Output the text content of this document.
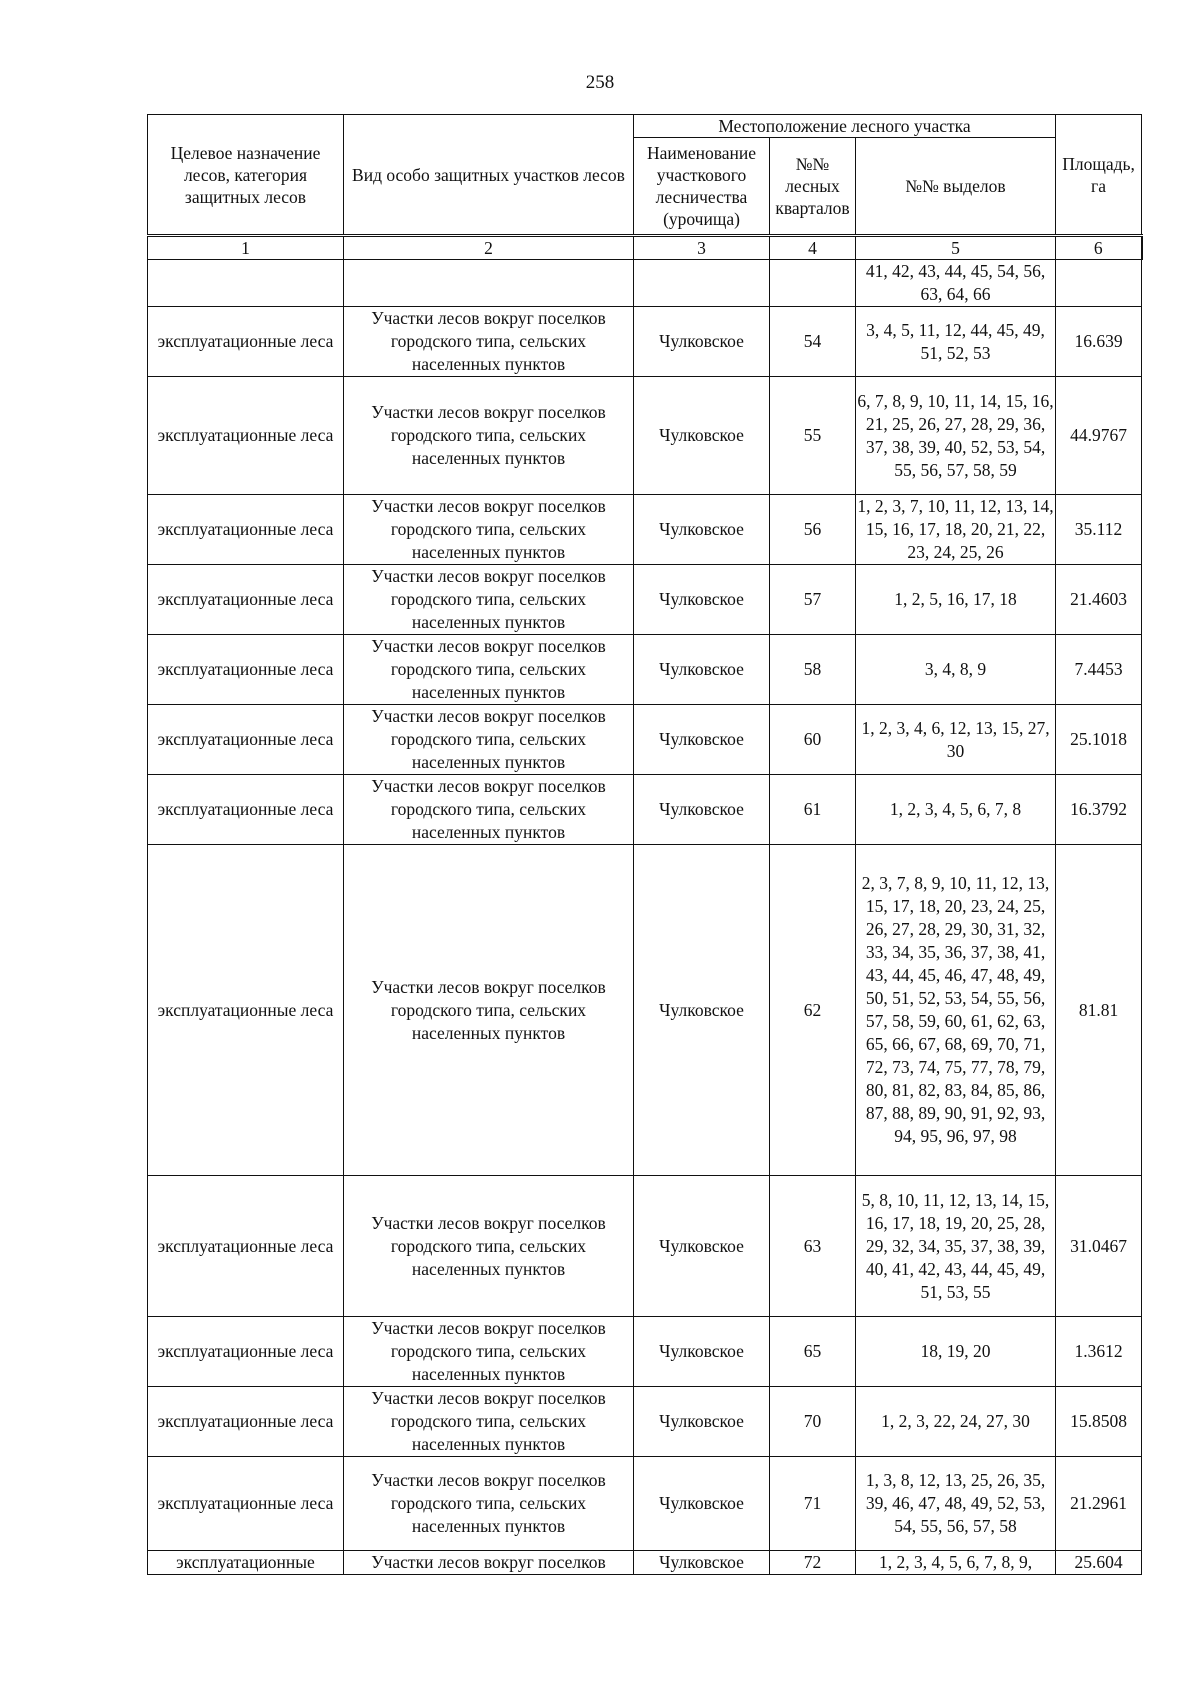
258
Целевое назначение лесов, категория защитных лесов	Вид особо защитных участков лесов	Местоположение лесного участка			Площадь, га
		Наименование участкового лесничества (урочища)	№№ лесных кварталов	№№ выделов	
1	2	3	4	5	6
				41, 42, 43, 44, 45, 54, 56, 63, 64, 66	
эксплуатационные леса	Участки лесов вокруг поселков городского типа, сельских населенных пунктов	Чулковское	54	3, 4, 5, 11, 12, 44, 45, 49, 51, 52, 53	16.639
эксплуатационные леса	Участки лесов вокруг поселков городского типа, сельских населенных пунктов	Чулковское	55	6, 7, 8, 9, 10, 11, 14, 15, 16, 21, 25, 26, 27, 28, 29, 36, 37, 38, 39, 40, 52, 53, 54, 55, 56, 57, 58, 59	44.9767
эксплуатационные леса	Участки лесов вокруг поселков городского типа, сельских населенных пунктов	Чулковское	56	1, 2, 3, 7, 10, 11, 12, 13, 14, 15, 16, 17, 18, 20, 21, 22, 23, 24, 25, 26	35.112
эксплуатационные леса	Участки лесов вокруг поселков городского типа, сельских населенных пунктов	Чулковское	57	1, 2, 5, 16, 17, 18	21.4603
эксплуатационные леса	Участки лесов вокруг поселков городского типа, сельских населенных пунктов	Чулковское	58	3, 4, 8, 9	7.4453
эксплуатационные леса	Участки лесов вокруг поселков городского типа, сельских населенных пунктов	Чулковское	60	1, 2, 3, 4, 6, 12, 13, 15, 27, 30	25.1018
эксплуатационные леса	Участки лесов вокруг поселков городского типа, сельских населенных пунктов	Чулковское	61	1, 2, 3, 4, 5, 6, 7, 8	16.3792
эксплуатационные леса	Участки лесов вокруг поселков городского типа, сельских населенных пунктов	Чулковское	62	2, 3, 7, 8, 9, 10, 11, 12, 13, 15, 17, 18, 20, 23, 24, 25, 26, 27, 28, 29, 30, 31, 32, 33, 34, 35, 36, 37, 38, 41, 43, 44, 45, 46, 47, 48, 49, 50, 51, 52, 53, 54, 55, 56, 57, 58, 59, 60, 61, 62, 63, 65, 66, 67, 68, 69, 70, 71, 72, 73, 74, 75, 77, 78, 79, 80, 81, 82, 83, 84, 85, 86, 87, 88, 89, 90, 91, 92, 93, 94, 95, 96, 97, 98	81.81
эксплуатационные леса	Участки лесов вокруг поселков городского типа, сельских населенных пунктов	Чулковское	63	5, 8, 10, 11, 12, 13, 14, 15, 16, 17, 18, 19, 20, 25, 28, 29, 32, 34, 35, 37, 38, 39, 40, 41, 42, 43, 44, 45, 49, 51, 53, 55	31.0467
эксплуатационные леса	Участки лесов вокруг поселков городского типа, сельских населенных пунктов	Чулковское	65	18, 19, 20	1.3612
эксплуатационные леса	Участки лесов вокруг поселков городского типа, сельских населенных пунктов	Чулковское	70	1, 2, 3, 22, 24, 27, 30	15.8508
эксплуатационные леса	Участки лесов вокруг поселков городского типа, сельских населенных пунктов	Чулковское	71	1, 3, 8, 12, 13, 25, 26, 35, 39, 46, 47, 48, 49, 52, 53, 54, 55, 56, 57, 58	21.2961
эксплуатационные	Участки лесов вокруг поселков	Чулковское	72	1, 2, 3, 4, 5, 6, 7, 8, 9,	25.604
